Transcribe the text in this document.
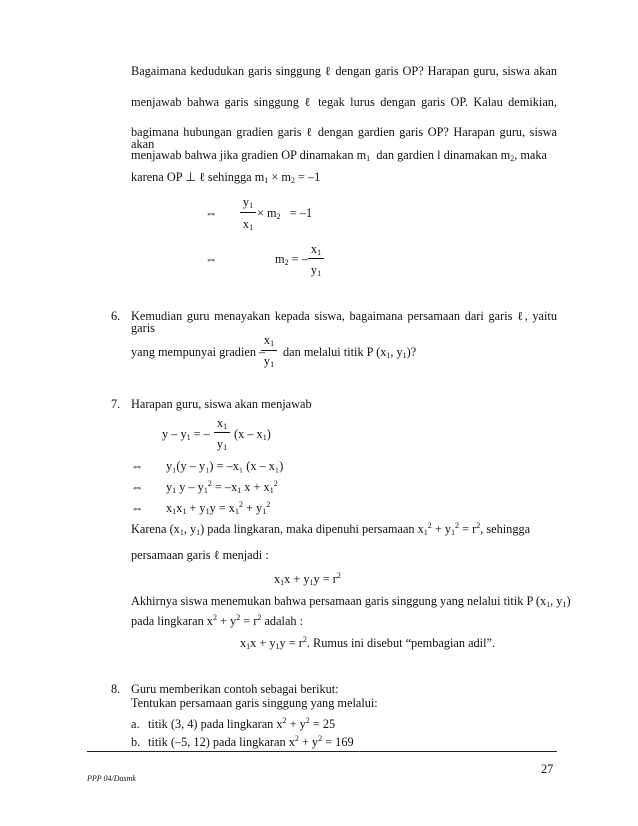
Bagaimana kedudukan garis singgung ℓ dengan garis OP? Harapan guru, siswa akan
menjawab bahwa garis singgung ℓ tegak lurus dengan garis OP. Kalau demikian,
bagimana hubungan gradien garis ℓ dengan gardien garis OP? Harapan guru, siswa akan
menjawab bahwa jika gradien OP dinamakan $m_1$ dan gardien l dinamakan $m_2$, maka
karena OP ⊥ ℓ sehingga $m_1 \times m_2 = -1$
⇔
$y_1$
$x_1$
× $m_2 = -1$
⇔	$m_2$ = –
$x_1$
$y_1$
6. Kemudian guru menayakan kepada siswa, bagaimana persamaan dari garis ℓ, yaitu garis
yang mempunyai gradien –
$x_1$
$y_1$
dan melalui titik P ($x_1$, $y_1$)?
7. Harapan guru, siswa akan menjawab
y – $y_1$ = –
$x_1$
$y_1$
$(x - x_1)$
⇔ y₁(y – y₁) = –x₁ (x – x₁)
⇔ $y_1$ $y - y_1^2 = -x_1$ $x + x_1^2$
⇔ $x_1x_1 + y_1y = x_1^2 + y_1^2$
Karena ($x_1$, $y_1$) pada lingkaran, maka dipenuhi persamaan $x_1^2 + y_1^2 = r^2$, sehingga
persamaan garis ℓ menjadi :
$x_1x + y_1y = r^2$
Akhirnya siswa menemukan bahwa persamaan garis singgung yang nelalui titik P ($x_1$, $y_1$)
pada lingkaran $x^2 + y^2 = r^2$ adalah :
$x_1x + y_1y = r^2$. Rumus ini disebut “pembagian adil”.
8. Guru memberikan contoh sebagai berikut:
Tentukan persamaan garis singgung yang melalui:
a. titik (3, 4) pada lingkaran $x^2 + y^2 = 25$
b. titik (–5, 12) pada lingkaran $x^2 + y^2 = 169$
27
PPP 04/Dasmk
